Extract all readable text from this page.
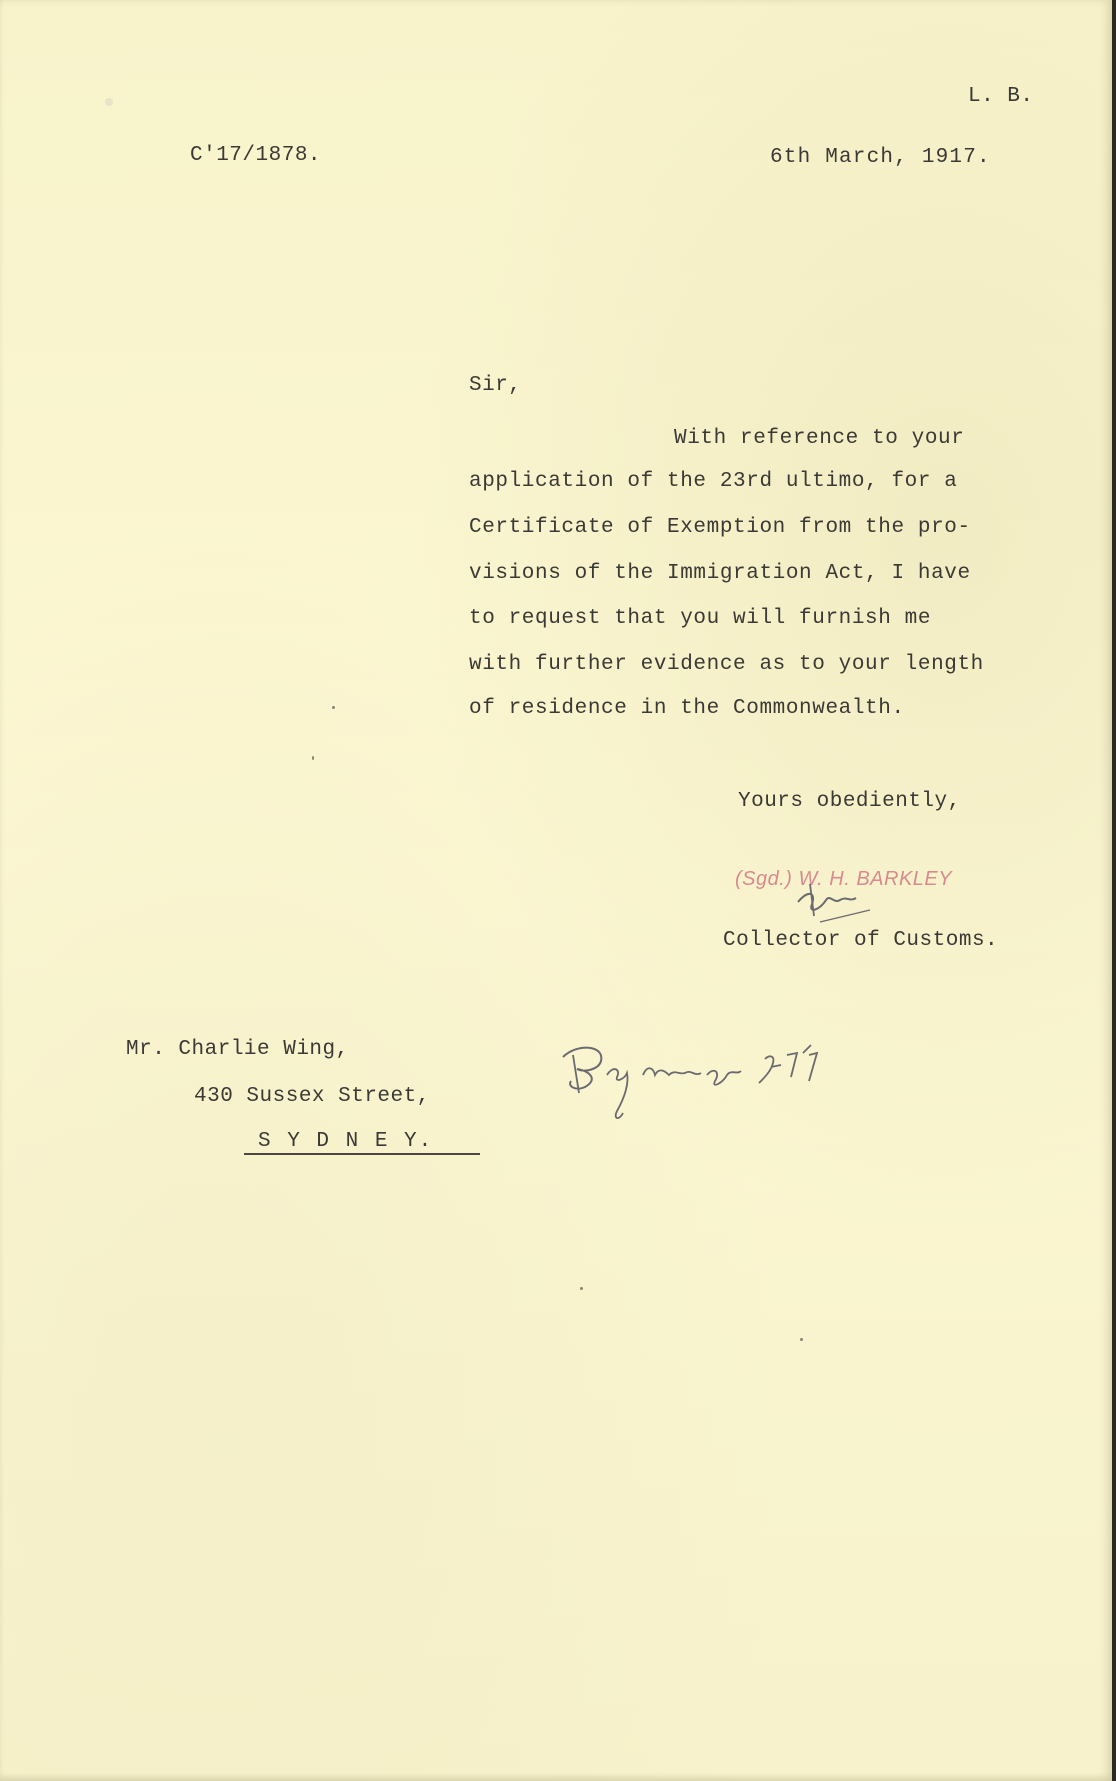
L. B.
C'17/1878.	6th March, 1917.
Sir,
With reference to your
application of the 23rd ultimo, for a
Certificate of Exemption from the pro-
visions of the Immigration Act, I have
to request that you will furnish me
with further evidence as to your length
of residence in the Commonwealth.
Yours obediently,
(Sgd.) W. H. BARKLEY
Collector of Customs.
Mr. Charlie Wing,
430 Sussex Street,
S Y D N E Y.
